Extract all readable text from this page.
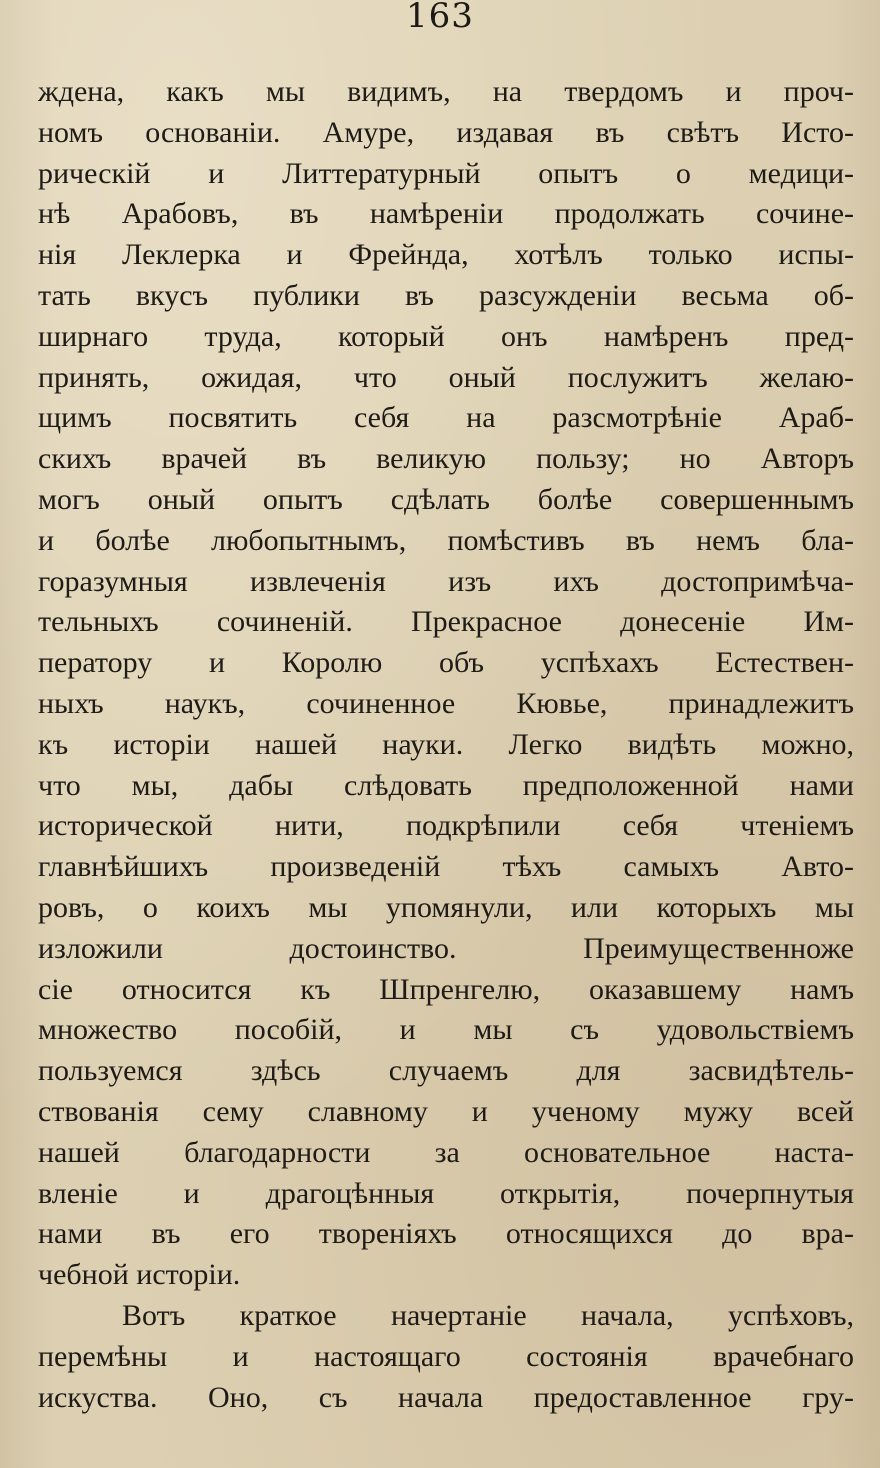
163
ждена, какъ мы видимъ, на твердомъ и проч-
номъ основанiи. Амуре, издавая въ свѣтъ Исто-
рическiй и Литтературный опытъ о медици-
нѣ Арабовъ, въ намѣренiи продолжать сочине-
нiя Леклерка и Фрейнда, хотѣлъ только испы-
тать вкусъ публики въ разсужденiи весьма об-
ширнаго труда, который онъ намѣренъ пред-
принять, ожидая, что оный послужитъ желаю-
щимъ посвятить себя на разсмотрѣнiе Араб-
скихъ врачей въ великую пользу; но Авторъ
могъ оный опытъ сдѣлать болѣе совершеннымъ
и болѣе любопытнымъ, помѣстивъ въ немъ бла-
горазумныя извлеченiя изъ ихъ достопримѣча-
тельныхъ сочиненiй. Прекрасное донесенiе Им-
ператору и Королю объ успѣхахъ Естествен-
ныхъ наукъ, сочиненное Кювье, принадлежитъ
къ исторiи нашей науки. Легко видѣть можно,
что мы, дабы слѣдовать предположенной нами
исторической нити, подкрѣпили себя чтенiемъ
главнѣйшихъ произведенiй тѣхъ самыхъ Авто-
ровъ, о коихъ мы упомянули, или которыхъ мы
изложили достоинство. Преимущественноже
сiе относится къ Шпренгелю, оказавшему намъ
множество пособiй, и мы съ удовольствiемъ
пользуемся здѣсь случаемъ для засвидѣтель-
ствованiя сему славному и ученому мужу всей
нашей благодарности за основательное наста-
вленiе и драгоцѣнныя открытiя, почерпнутыя
нами въ его творенiяхъ относящихся до вра-
чебной исторiи.
Вотъ краткое начертанiе начала, успѣховъ,
перемѣны и настоящаго состоянiя врачебнаго
искуства. Оно, съ начала предоставленное гру-
